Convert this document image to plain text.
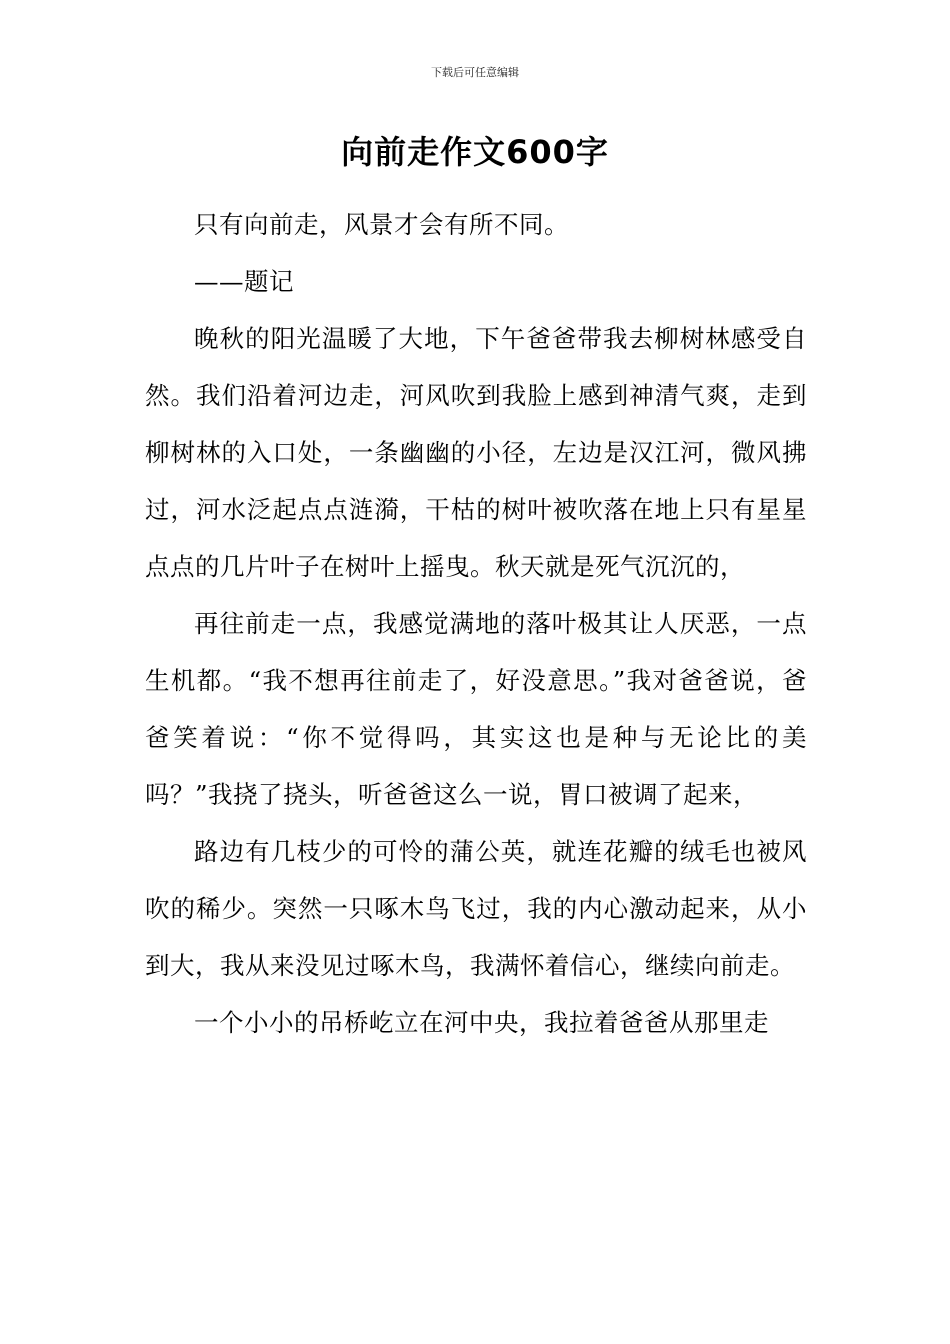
下载后可任意编辑
向前走作文600字

只有向前走，风景才会有所不同。

——题记

晚秋的阳光温暖了大地，下午爸爸带我去柳树林感受自然。我们沿着河边走，河风吹到我脸上感到神清气爽，走到柳树林的入口处，一条幽幽的小径，左边是汉江河，微风拂过，河水泛起点点涟漪，干枯的树叶被吹落在地上只有星星点点的几片叶子在树叶上摇曳。秋天就是死气沉沉的，

再往前走一点，我感觉满地的落叶极其让人厌恶，一点生机都。“我不想再往前走了，好没意思。”我对爸爸说，爸爸笑着说：“你不觉得吗，其实这也是种与无论比的美吗？”我挠了挠头，听爸爸这么一说，胃口被调了起来，

路边有几枝少的可怜的蒲公英，就连花瓣的绒毛也被风吹的稀少。突然一只啄木鸟飞过，我的内心激动起来，从小到大，我从来没见过啄木鸟，我满怀着信心，继续向前走。

一个小小的吊桥屹立在河中央，我拉着爸爸从那里走
